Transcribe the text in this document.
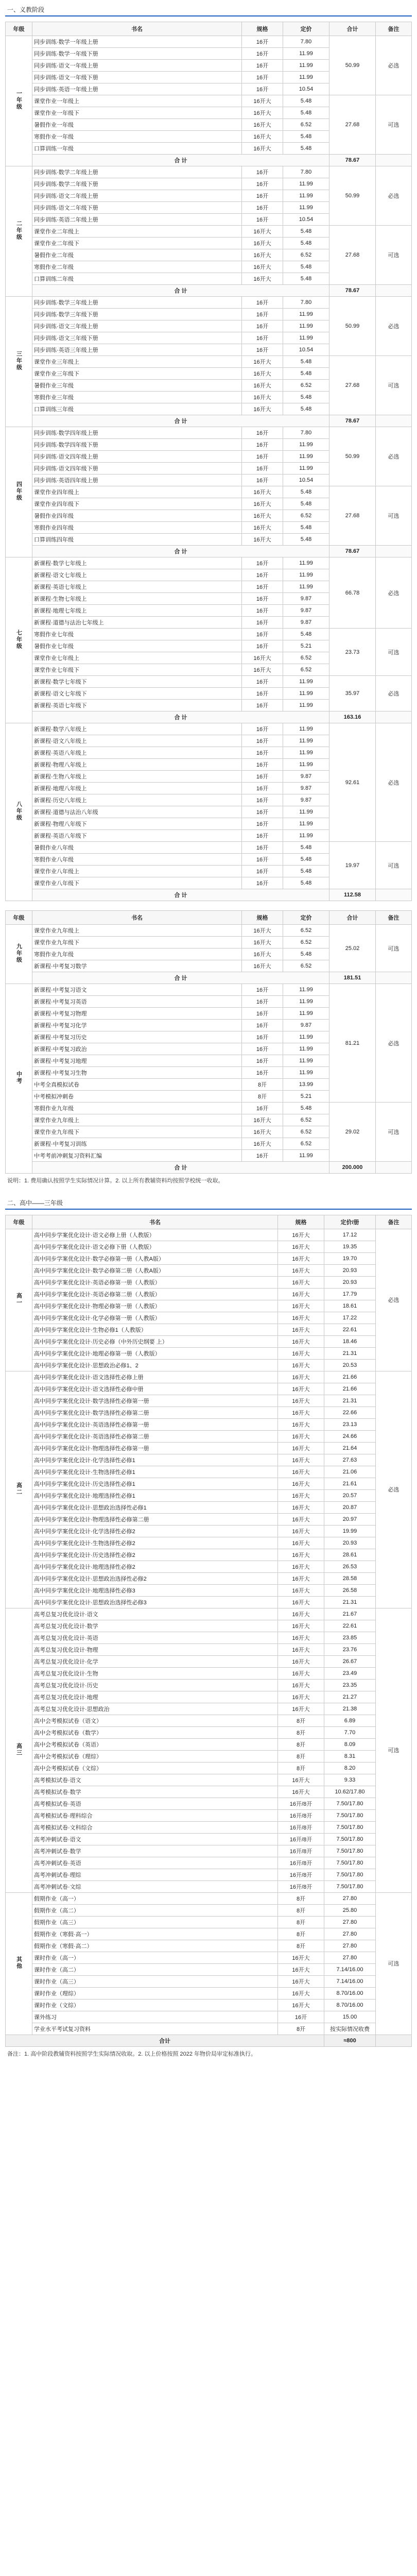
一、义教阶段
年级	书名	规格	定价	合计	备注
一年级	同步训练·数学一年级上册	16开	7.80	50.99	必选
	同步训练·数学一年级下册	16开	11.99		
	同步训练·语文一年级上册	16开	11.99		
	同步训练·语文一年级下册	16开	11.99		
	同步训练·英语一年级上册	16开	10.54		
	课堂作业一年级上	16开大	5.48	27.68	可选
	课堂作业一年级下	16开大	5.48		
	暑假作业一年级	16开大	6.52		
	寒假作业一年级	16开大	5.48		
	口算训练一年级	16开大	5.48		
	合 计			78.67	
二年级	同步训练·数学二年级上册	16开	7.80	50.99	必选
	同步训练·数学二年级下册	16开	11.99		
	同步训练·语文二年级上册	16开	11.99		
	同步训练·语文二年级下册	16开	11.99		
	同步训练·英语二年级上册	16开	10.54		
	课堂作业二年级上	16开大	5.48	27.68	可选
	课堂作业二年级下	16开大	5.48		
	暑假作业二年级	16开大	6.52		
	寒假作业二年级	16开大	5.48		
	口算训练二年级	16开大	5.48		
	合 计			78.67	
三年级	同步训练·数学三年级上册	16开	7.80	50.99	必选
	同步训练·数学三年级下册	16开	11.99		
	同步训练·语文三年级上册	16开	11.99		
	同步训练·语文三年级下册	16开	11.99		
	同步训练·英语三年级上册	16开	10.54		
	课堂作业三年级上	16开大	5.48	27.68	可选
	课堂作业三年级下	16开大	5.48		
	暑假作业三年级	16开大	6.52		
	寒假作业三年级	16开大	5.48		
	口算训练三年级	16开大	5.48		
	合 计			78.67	
四年级	同步训练·数学四年级上册	16开	7.80	50.99	必选
	同步训练·数学四年级下册	16开	11.99		
	同步训练·语文四年级上册	16开	11.99		
	同步训练·语文四年级下册	16开	11.99		
	同步训练·英语四年级上册	16开	10.54		
	课堂作业四年级上	16开大	5.48	27.68	可选
	课堂作业四年级下	16开大	5.48		
	暑假作业四年级	16开大	6.52		
	寒假作业四年级	16开大	5.48		
	口算训练四年级	16开大	5.48		
	合 计			78.67	
七年级	新课程·数学七年级上	16开	11.99	66.78	必选
	新课程·语文七年级上	16开	11.99		
	新课程·英语七年级上	16开	11.99		
	新课程·生物七年级上	16开	9.87		
	新课程·地理七年级上	16开	9.87		
	新课程·道德与法治七年级上	16开	9.87		
	寒假作业七年级	16开	5.48	23.73	可选
	暑假作业七年级	16开	5.21		
	课堂作业七年级上	16开大	6.52		
	课堂作业七年级下	16开大	6.52		
	新课程·数学七年级下	16开	11.99	35.97	必选
	新课程·语文七年级下	16开	11.99		
	新课程·英语七年级下	16开	11.99		
	合 计			163.16	
八年级	新课程·数学八年级上	16开	11.99	92.61	必选
	新课程·语文八年级上	16开	11.99		
	新课程·英语八年级上	16开	11.99		
	新课程·物理八年级上	16开	11.99		
	新课程·生物八年级上	16开	9.87		
	新课程·地理八年级上	16开	9.87		
	新课程·历史八年级上	16开	9.87		
	新课程·道德与法治八年级	16开	11.99		
	新课程·物理八年级下	16开	11.99		
	新课程·英语八年级下	16开	11.99		
	暑假作业八年级	16开	5.48	19.97	可选
	寒假作业八年级	16开	5.48		
	课堂作业八年级上	16开	5.48		
	课堂作业八年级下	16开	5.48		
	合 计			112.58	
年级	书名	规格	定价	合计	备注
九年级	课堂作业九年级上	16开大	6.52	25.02	可选
	课堂作业九年级下	16开大	6.52		
	寒假作业九年级	16开大	5.48		
	新课程·中考复习数学	16开大	6.52		
	合 计			181.51	
中考	新课程·中考复习语文	16开	11.99	81.21	必选
	新课程·中考复习英语	16开	11.99		
	新课程·中考复习物理	16开	11.99		
	新课程·中考复习化学	16开	9.87		
	新课程·中考复习历史	16开	11.99		
	新课程·中考复习政治	16开	11.99		
	新课程·中考复习地理	16开	11.99		
	新课程·中考复习生物	16开	11.99		
	中考全真模拟试卷	8开	13.99		
	中考模拟冲刺卷	8开	5.21		
	寒假作业九年级	16开	5.48	29.02	可选
	课堂作业九年级上	16开大	6.52		
	课堂作业九年级下	16开大	6.52		
	新课程·中考复习训练	16开大	6.52		
	中考考前冲刺复习资料汇编	16开	11.99		
	合 计			200.000	
说明：1. 费用确认按照学生实际情况计算。2. 以上所有教辅资料均按照学校统一收取。
二、高中——三年级
年级	书名	规格	定价/册	备注
高一	高中同步学案优化设计·语文必修上册（人教版）	16开大	17.12	必选
	高中同步学案优化设计·语文必修下册（人教版）	16开大	19.35	
	高中同步学案优化设计·数学必修第一册（人教A版）	16开大	19.70	
	高中同步学案优化设计·数学必修第二册（人教A版）	16开大	20.93	
	高中同步学案优化设计·英语必修第一册（人教版）	16开大	20.93	
	高中同步学案优化设计·英语必修第二册（人教版）	16开大	17.79	
	高中同步学案优化设计·物理必修第一册（人教版）	16开大	18.61	
	高中同步学案优化设计·化学必修第一册（人教版）	16开大	17.22	
	高中同步学案优化设计·生物必修1（人教版）	16开大	22.61	
	高中同步学案优化设计·历史必修（中外历史纲要 上）	16开大	18.46	
	高中同步学案优化设计·地理必修第一册（人教版）	16开大	21.31	
	高中同步学案优化设计·思想政治必修1、2	16开大	20.53	
高二	高中同步学案优化设计·语文选择性必修上册	16开大	21.66	必选
	高中同步学案优化设计·语文选择性必修中册	16开大	21.66	
	高中同步学案优化设计·数学选择性必修第一册	16开大	21.31	
	高中同步学案优化设计·数学选择性必修第二册	16开大	22.66	
	高中同步学案优化设计·英语选择性必修第一册	16开大	23.13	
	高中同步学案优化设计·英语选择性必修第二册	16开大	24.66	
	高中同步学案优化设计·物理选择性必修第一册	16开大	21.64	
	高中同步学案优化设计·化学选择性必修1	16开大	27.63	
	高中同步学案优化设计·生物选择性必修1	16开大	21.06	
	高中同步学案优化设计·历史选择性必修1	16开大	21.61	
	高中同步学案优化设计·地理选择性必修1	16开大	20.57	
	高中同步学案优化设计·思想政治选择性必修1	16开大	20.87	
	高中同步学案优化设计·物理选择性必修第二册	16开大	20.97	
	高中同步学案优化设计·化学选择性必修2	16开大	19.99	
	高中同步学案优化设计·生物选择性必修2	16开大	20.93	
	高中同步学案优化设计·历史选择性必修2	16开大	28.61	
	高中同步学案优化设计·地理选择性必修2	16开大	26.53	
	高中同步学案优化设计·思想政治选择性必修2	16开大	28.58	
	高中同步学案优化设计·地理选择性必修3	16开大	26.58	
	高中同步学案优化设计·思想政治选择性必修3	16开大	21.31	
高三	高考总复习优化设计·语文	16开大	21.67	可选
	高考总复习优化设计·数学	16开大	22.61	
	高考总复习优化设计·英语	16开大	23.85	
	高考总复习优化设计·物理	16开大	23.76	
	高考总复习优化设计·化学	16开大	26.67	
	高考总复习优化设计·生物	16开大	23.49	
	高考总复习优化设计·历史	16开大	23.35	
	高考总复习优化设计·地理	16开大	21.27	
	高考总复习优化设计·思想政治	16开大	21.38	
	高中会考模拟试卷（语文）	8开	6.89	
	高中会考模拟试卷（数学）	8开	7.70	
	高中会考模拟试卷（英语）	8开	8.09	
	高中会考模拟试卷（理综）	8开	8.31	
	高中会考模拟试卷（文综）	8开	8.20	
	高考模拟试卷·语文	16开大	9.33	
	高考模拟试卷·数学	16开大	10.62/17.80	
	高考模拟试卷·英语	16开/8开	7.50/17.80	
	高考模拟试卷·理科综合	16开/8开	7.50/17.80	
	高考模拟试卷·文科综合	16开/8开	7.50/17.80	
	高考冲刺试卷·语文	16开/8开	7.50/17.80	
	高考冲刺试卷·数学	16开/8开	7.50/17.80	
	高考冲刺试卷·英语	16开/8开	7.50/17.80	
	高考冲刺试卷·理综	16开/8开	7.50/17.80	
	高考冲刺试卷·文综	16开/8开	7.50/17.80	
其他	假期作业（高一）	8开	27.80	可选
	假期作业（高二）	8开	25.80	
	假期作业（高三）	8开	27.80	
	假期作业（寒假·高一）	8开	27.80	
	假期作业（寒假·高二）	8开	27.80	
	课时作业（高一）	16开大	27.80	
	课时作业（高二）	16开大	7.14/16.00	
	课时作业（高三）	16开大	7.14/16.00	
	课时作业（理综）	16开大	8.70/16.00	
	课时作业（文综）	16开大	8.70/16.00	
	课外练习	16开	15.00	
	学业水平考试复习资料	8开	按实际情况收费	
合计			≈800	
备注：1. 高中阶段教辅资料按照学生实际情况收取。2. 以上价格按照 2022 年物价局审定标准执行。
